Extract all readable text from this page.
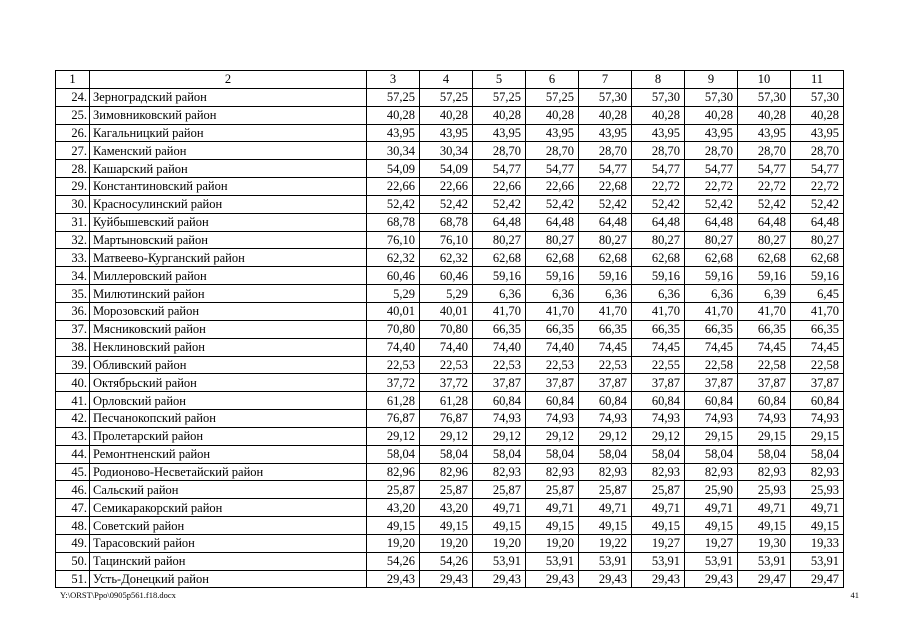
1	2	3	4	5	6	7	8	9	10	11
24.	Зерноградский район	57,25	57,25	57,25	57,25	57,30	57,30	57,30	57,30	57,30
25.	Зимовниковский район	40,28	40,28	40,28	40,28	40,28	40,28	40,28	40,28	40,28
26.	Кагальницкий район	43,95	43,95	43,95	43,95	43,95	43,95	43,95	43,95	43,95
27.	Каменский район	30,34	30,34	28,70	28,70	28,70	28,70	28,70	28,70	28,70
28.	Кашарский район	54,09	54,09	54,77	54,77	54,77	54,77	54,77	54,77	54,77
29.	Константиновский район	22,66	22,66	22,66	22,66	22,68	22,72	22,72	22,72	22,72
30.	Красносулинский район	52,42	52,42	52,42	52,42	52,42	52,42	52,42	52,42	52,42
31.	Куйбышевский район	68,78	68,78	64,48	64,48	64,48	64,48	64,48	64,48	64,48
32.	Мартыновский район	76,10	76,10	80,27	80,27	80,27	80,27	80,27	80,27	80,27
33.	Матвеево-Курганский район	62,32	62,32	62,68	62,68	62,68	62,68	62,68	62,68	62,68
34.	Миллеровский район	60,46	60,46	59,16	59,16	59,16	59,16	59,16	59,16	59,16
35.	Милютинский район	5,29	5,29	6,36	6,36	6,36	6,36	6,36	6,39	6,45
36.	Морозовский район	40,01	40,01	41,70	41,70	41,70	41,70	41,70	41,70	41,70
37.	Мясниковский район	70,80	70,80	66,35	66,35	66,35	66,35	66,35	66,35	66,35
38.	Неклиновский район	74,40	74,40	74,40	74,40	74,45	74,45	74,45	74,45	74,45
39.	Обливский район	22,53	22,53	22,53	22,53	22,53	22,55	22,58	22,58	22,58
40.	Октябрьский район	37,72	37,72	37,87	37,87	37,87	37,87	37,87	37,87	37,87
41.	Орловский район	61,28	61,28	60,84	60,84	60,84	60,84	60,84	60,84	60,84
42.	Песчанокопский район	76,87	76,87	74,93	74,93	74,93	74,93	74,93	74,93	74,93
43.	Пролетарский район	29,12	29,12	29,12	29,12	29,12	29,12	29,15	29,15	29,15
44.	Ремонтненский район	58,04	58,04	58,04	58,04	58,04	58,04	58,04	58,04	58,04
45.	Родионово-Несветайский район	82,96	82,96	82,93	82,93	82,93	82,93	82,93	82,93	82,93
46.	Сальский район	25,87	25,87	25,87	25,87	25,87	25,87	25,90	25,93	25,93
47.	Семикаракорский район	43,20	43,20	49,71	49,71	49,71	49,71	49,71	49,71	49,71
48.	Советский район	49,15	49,15	49,15	49,15	49,15	49,15	49,15	49,15	49,15
49.	Тарасовский район	19,20	19,20	19,20	19,20	19,22	19,27	19,27	19,30	19,33
50.	Тацинский район	54,26	54,26	53,91	53,91	53,91	53,91	53,91	53,91	53,91
51.	Усть-Донецкий район	29,43	29,43	29,43	29,43	29,43	29,43	29,43	29,47	29,47
Y:\ORST\Ppo\0905p561.f18.docx	41
